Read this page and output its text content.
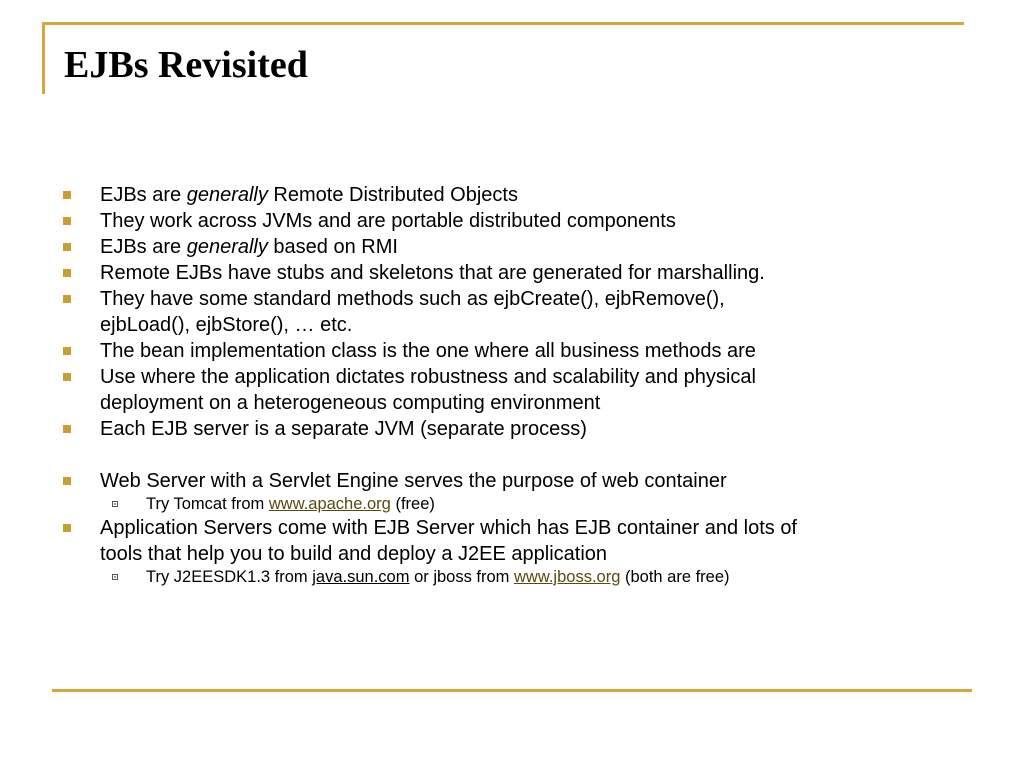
EJBs Revisited
EJBs are generally Remote Distributed Objects
They work across JVMs and are portable distributed components
EJBs are generally based on RMI
Remote EJBs have stubs and skeletons that are generated for marshalling.
They have some standard methods such as ejbCreate(), ejbRemove(),
ejbLoad(), ejbStore(), … etc.
The bean implementation class is the one where all business methods are
Use where the application dictates robustness and scalability and physical
deployment on a heterogeneous computing environment
Each EJB server is a separate JVM (separate process)
Web Server with a Servlet Engine serves the purpose of web container
Try Tomcat from www.apache.org (free)
Application Servers come with EJB Server which has EJB container and lots of
tools that help you to build and deploy a J2EE application
Try J2EESDK1.3 from java.sun.com or jboss from www.jboss.org (both are free)
